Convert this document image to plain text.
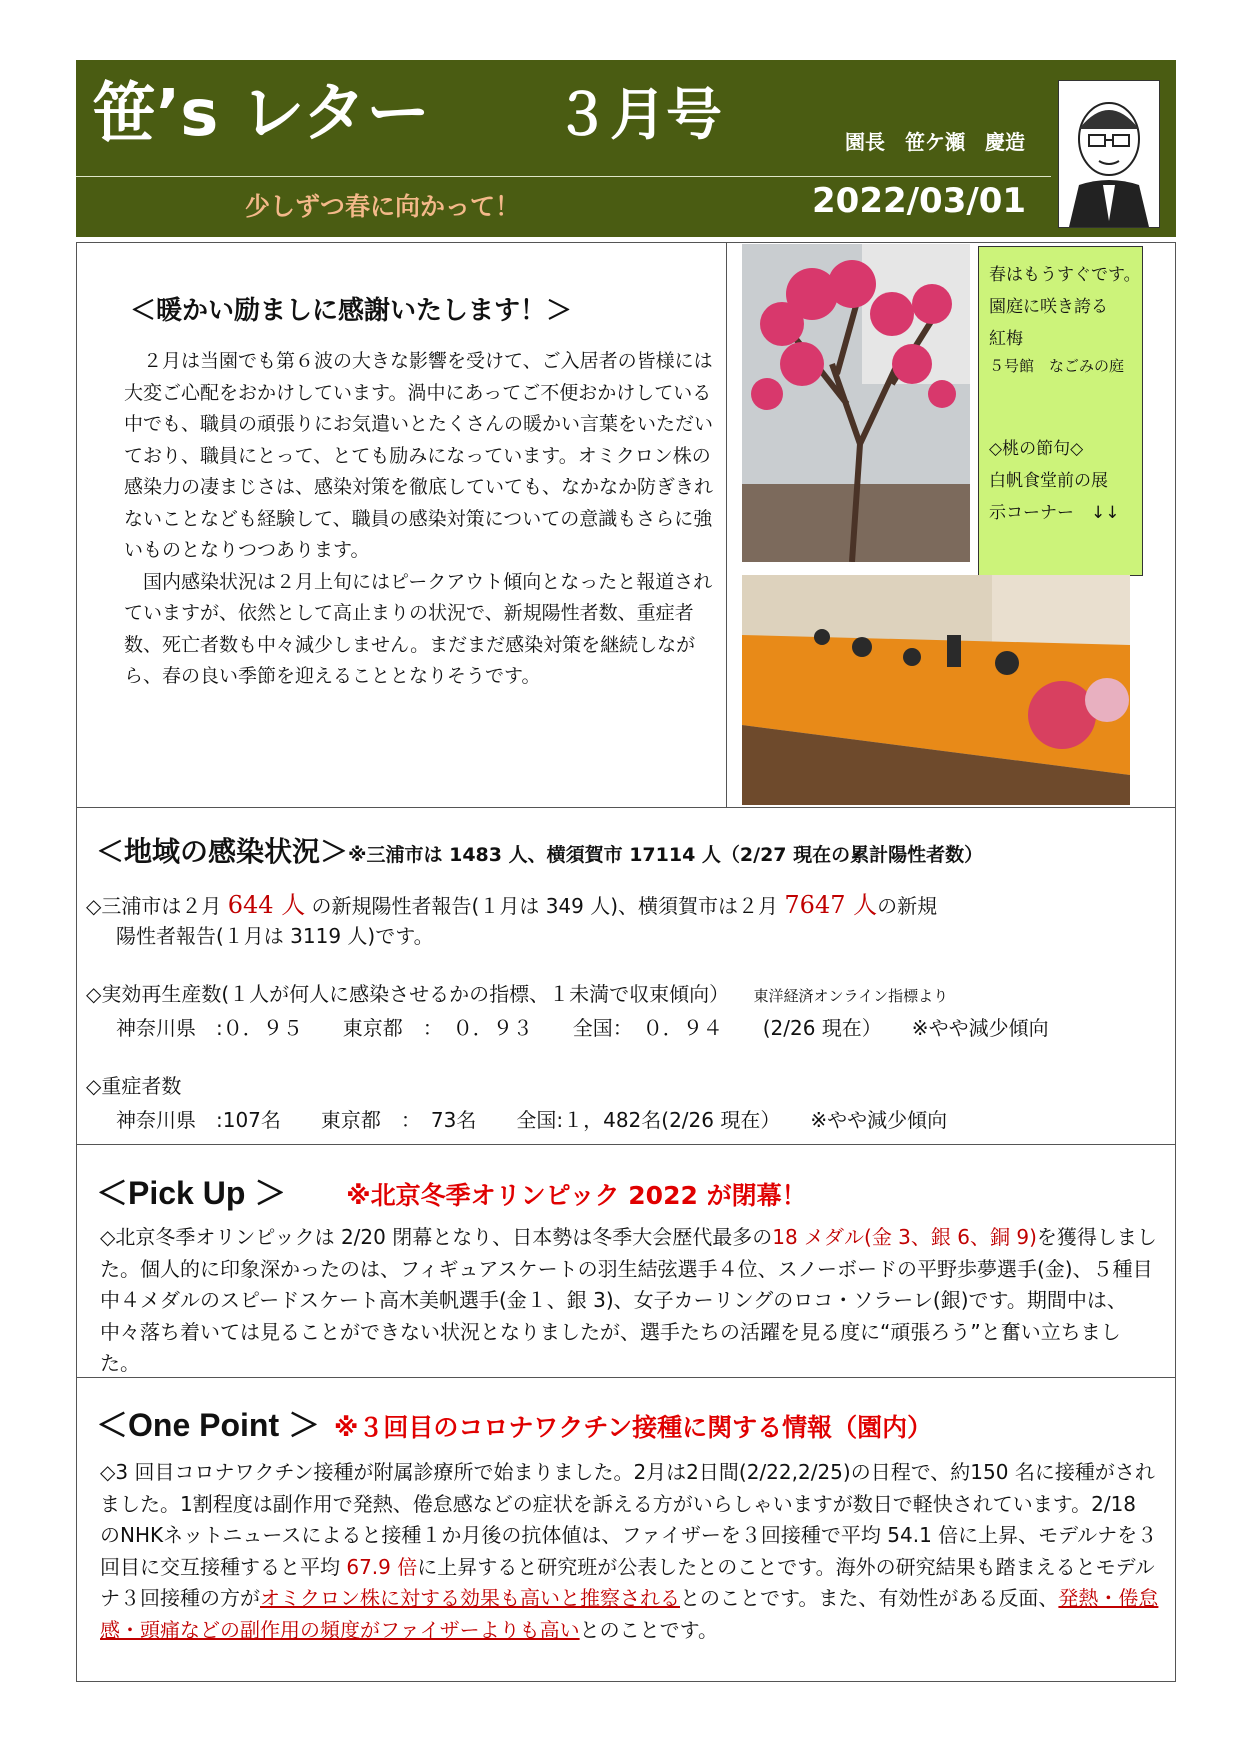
笹’s レター ３月号	園長　笹ケ瀬　慶造
少しずつ春に向かって！	2022/03/01
＜暖かい励ましに感謝いたします！＞

　２月は当園でも第６波の大きな影響を受けて、ご入居者の皆様には大変ご心配をおかけしています。渦中にあってご不便おかけしている中でも、職員の頑張りにお気遣いとたくさんの暖かい言葉をいただいており、職員にとって、とても励みになっています。オミクロン株の感染力の凄まじさは、感染対策を徹底していても、なかなか防ぎきれないことなども経験して、職員の感染対策についての意識もさらに強いものとなりつつあります。

　国内感染状況は２月上旬にはピークアウト傾向となったと報道されていますが、依然として高止まりの状況で、新規陽性者数、重症者数、死亡者数も中々減少しません。まだまだ感染対策を継続しながら、春の良い季節を迎えることとなりそうです。

春はもうすぐです。
園庭に咲き誇る
紅梅
５号館　なごみの庭
◇桃の節句◇
白帆食堂前の展
示コーナー　↓↓
＜地域の感染状況＞※三浦市は 1483 人、横須賀市 17114 人（2/27 現在の累計陽性者数）
◇三浦市は２月 644 人 の新規陽性者報告(１月は 349 人)、横須賀市は２月 7647 人の新規
陽性者報告(１月は 3119 人)です。
◇実効再生産数(１人が何人に感染させるかの指標、１未満で収束傾向） 東洋経済オンライン指標より
神奈川県　:０．９５　　東京都　：　０．９３　　全国：　０．９４　　(2/26 現在）　　※やや減少傾向
◇重症者数
神奈川県　:107名　　東京都　：　73名　　全国:１，482名(2/26 現在）　　※やや減少傾向
＜Pick Up ＞ ※北京冬季オリンピック 2022 が閉幕！

◇北京冬季オリンピックは 2/20 閉幕となり、日本勢は冬季大会歴代最多の18 メダル(金 3、銀 6、銅 9)を獲得しました。個人的に印象深かったのは、フィギュアスケートの羽生結弦選手４位、スノーボードの平野歩夢選手(金)、５種目中４メダルのスピードスケート高木美帆選手(金１、銀 3)、女子カーリングのロコ・ソラーレ(銀)です。期間中は、中々落ち着いては見ることができない状況となりましたが、選手たちの活躍を見る度に“頑張ろう”と奮い立ちました。

＜One Point ＞ ※３回目のコロナワクチン接種に関する情報（園内）

◇3 回目コロナワクチン接種が附属診療所で始まりました。2月は2日間(2/22,2/25)の日程で、約150 名に接種がされました。1割程度は副作用で発熱、倦怠感などの症状を訴える方がいらしゃいますが数日で軽快されています。2/18 のNHKネットニュースによると接種１か月後の抗体値は、ファイザーを３回接種で平均 54.1 倍に上昇、モデルナを３回目に交互接種すると平均 67.9 倍に上昇すると研究班が公表したとのことです。海外の研究結果も踏まえるとモデルナ３回接種の方がオミクロン株に対する効果も高いと推察されるとのことです。また、有効性がある反面、発熱・倦怠感・頭痛などの副作用の頻度がファイザーよりも高いとのことです。
